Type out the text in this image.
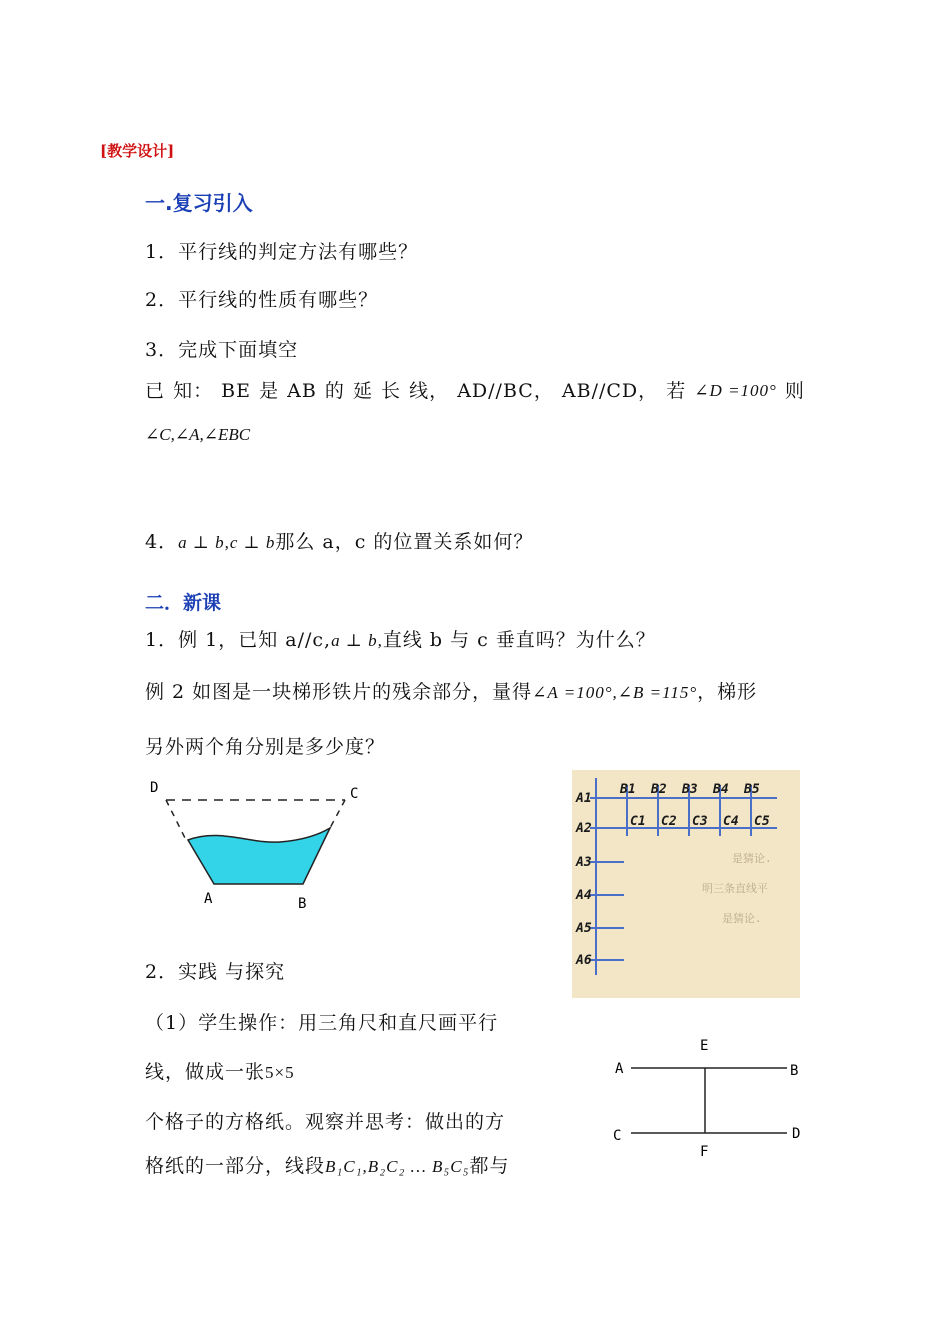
[教学设计]
一.复习引入
1．平行线的判定方法有哪些？
2．平行线的性质有哪些？
3．完成下面填空
已 知： BE 是 AB 的 延 长 线， AD//BC， AB//CD， 若 ∠D =100° 则
∠C,∠A,∠EBC
4．a ⊥ b,c ⊥ b那么 a，c 的位置关系如何？
二．新课
1．例 1，已知 a//c,a ⊥ b,直线 b 与 c 垂直吗？为什么？
例 2 如图是一块梯形铁片的残余部分，量得∠A =100°,∠B =115°，梯形
另外两个角分别是多少度？
D	C
A	B
是猜论.
明三条直线平
是猜论.
A1
A2
A3
A4
A5
A6
B1 B2 B3 B4 B5
C1 C2 C3 C4 C5
2．实践 与探究
（1）学生操作：用三角尺和直尺画平行
线，做成一张5×5
个格子的方格纸。观察并思考：做出的方
格纸的一部分，线段B₁C₁,B₂C₂ … B₅C₅都与
A	B
C	D
E
F
